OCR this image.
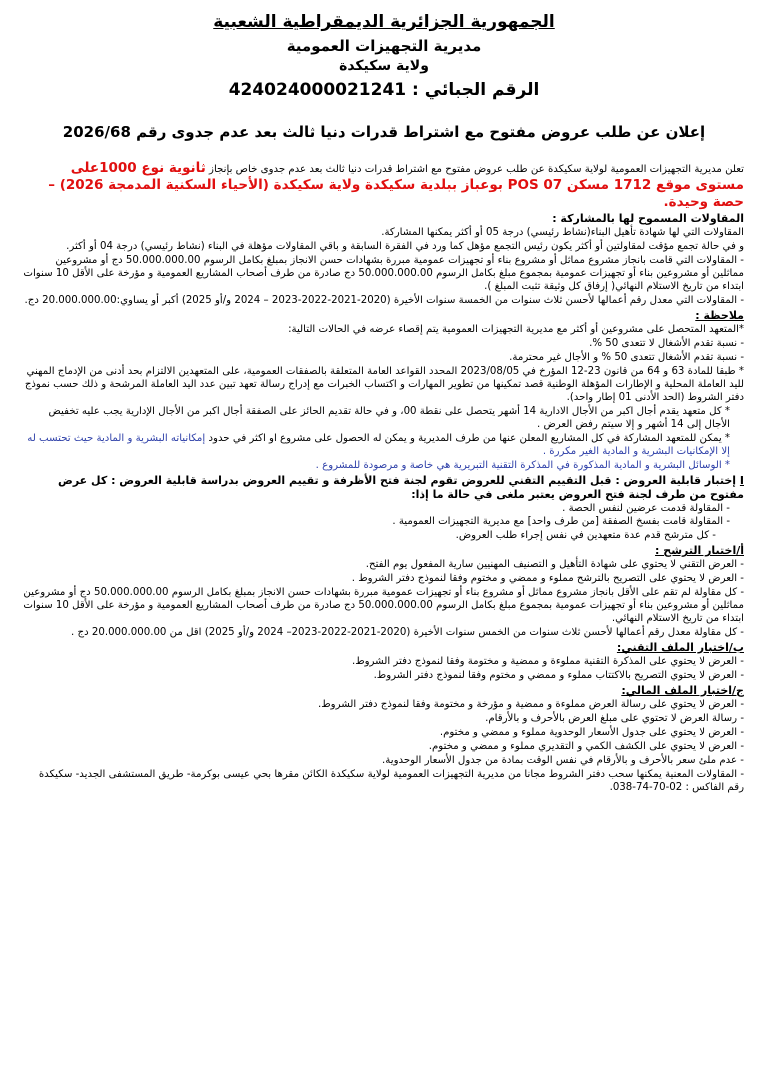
الجمهورية الجزائرية الديمقراطية الشعبية
مديرية التجهيزات العمومية
ولاية سكيكدة
الرقم الجبائي : 424024000021241
إعلان عن طلب عروض مفتوح مع اشتراط قدرات دنيا ثالث بعد عدم جدوى رقم 2026/68

تعلن مديرية التجهيزات العمومية لولاية سكيكدة عن طلب عروض مفتوح مع اشتراط قدرات دنيا ثالث بعد عدم جدوى خاص بإنجاز ثانوية نوع 1000على مستوى موقع 1712 مسكن POS 07 بوعباز ببلدية سكيكدة ولاية سكيكدة (الأحياء السكنية المدمجة 2026) – حصة وحيدة.

المقاولات المسموح لها بالمشاركة :

المقاولات التي لها شهادة تأهيل البناء(نشاط رئيسي) درجة 05 أو أكثر يمكنها المشاركة.

و في حالة تجمع مؤقت لمقاولتين أو أكثر يكون رئيس التجمع مؤهل كما ورد في الفقرة السابقة و باقي المقاولات مؤهلة في البناء (نشاط رئيسي) درجة 04 أو أكثر.

- المقاولات التي قامت بانجاز مشروع مماثل أو مشروع بناء أو تجهيزات عمومية مبررة بشهادات حسن الانجاز بمبلغ بكامل الرسوم 50.000.000.00 دج أو مشروعين مماثلين أو مشروعين بناء أو تجهيزات عمومية بمجموع مبلغ بكامل الرسوم 50.000.000.00 دج صادرة من طرف أصحاب المشاريع العمومية و مؤرخة على الأقل 10 سنوات ابتداء من تاريخ الاستلام النهائي( إرفاق كل وثيقة تثبت المبلغ ).

- المقاولات التي معدل رقم أعمالها لأحسن ثلاث سنوات من الخمسة سنوات الأخيرة (2020-2021-2022-2023 – 2024 و/أو 2025) أكبر أو يساوي:20.000.000.00 دج.

ملاحظة :

*المتعهد المتحصل على مشروعين أو أكثر مع مديرية التجهيزات العمومية يتم إقصاء عرضه في الحالات التالية:

- نسبة تقدم الأشغال لا تتعدى 50 %.

- نسبة تقدم الأشغال تتعدى 50 % و الأجال غير محترمة.

* طبقا للمادة 63 و 64 من قانون 23-12 المؤرخ في 2023/08/05 المحدد القواعد العامة المتعلقة بالصفقات العمومية، على المتعهدين الالتزام بحد أدنى من الإدماج المهني لليد العاملة المحلية و الإطارات المؤهلة الوطنية قصد تمكينها من تطوير المهارات و اكتساب الخبرات مع إدراج رسالة تعهد تبين عدد اليد العاملة المرشحة و ذلك حسب نموذج دفتر الشروط (الحد الأدنى 01 إطار واحد).

* كل متعهد يقدم أجال اكبر من الأجال الادارية 14 أشهر يتحصل على نقطة 00، و في حالة تقديم الحائز على الصفقة أجال اكبر من الأجال الإدارية يجب عليه تخفيض الأجال إلى 14 أشهر و إلا سيتم رفض العرض .

* يمكن للمتعهد المشاركة في كل المشاريع المعلن عنها من طرف المديرية و يمكن له الحصول على مشروع او اكثر في حدود إمكانياته البشرية و المادية حيث تحتسب له إلا الإمكانيات البشرية و المادية الغير مكررة .

* الوسائل البشرية و المادية المذكورة في المذكرة التقنية التبريرية هي خاصة و مرصودة للمشروع .

I إختبار قابلية العروض : قبل التقييم التقني للعروض تقوم لجنة فتح الأظرفة و تقييم العروض بدراسة قابلية العروض : كل عرض مفتوح من طرف لجنة فتح العروض يعتبر ملغى في حالة ما إذا:

- المقاولة قدمت عرضين لنفس الحصة .

- المقاولة قامت بفسخ الصفقة [من طرف واحد] مع مديرية التجهيزات العمومية .

- كل مترشح قدم عدة متعهدين في نفس إجراء طلب العروض.

أ/اختيار الترشح :

- العرض التقني لا يحتوي على شهادة التأهيل و التصنيف المهنيين سارية المفعول يوم الفتح.

- العرض لا يحتوي على التصريح بالترشح مملوء و ممضي و مختوم وفقا لنموذج دفتر الشروط .

- كل مقاولة لم تقم على الأقل بانجاز مشروع مماثل أو مشروع بناء أو تجهيزات عمومية مبررة بشهادات حسن الانجاز بمبلغ بكامل الرسوم 50.000.000.00 دج أو مشروعين مماثلين أو مشروعين بناء أو تجهيزات عمومية بمجموع مبلغ بكامل الرسوم 50.000.000.00 دج صادرة من طرف أصحاب المشاريع العمومية و مؤرخة على الأقل 10 سنوات ابتداء من تاريخ الاستلام النهائي.

- كل مقاولة معدل رقم أعمالها لأحسن ثلاث سنوات من الخمس سنوات الأخيرة (2020-2021-2022-2023– 2024 و/أو 2025) اقل من 20.000.000.00 دج .

ب/اختبار الملف التقني:

- العرض لا يحتوي على المذكرة التقنية مملوءة و ممضية و مختومة وفقا لنموذج دفتر الشروط.

- العرض لا يحتوي التصريح بالاكتتاب مملوء و ممضي و مختوم وفقا لنموذج دفتر الشروط.

ج/اختبار الملف المالي:

- العرض لا يحتوي على رسالة العرض مملوءة و ممضية و مؤرخة و مختومة وفقا لنموذج دفتر الشروط.

- رسالة العرض لا تحتوي على مبلغ العرض بالأحرف و بالأرقام.

- العرض لا يحتوي على جدول الأسعار الوحدوية مملوء و ممضي و مختوم.

- العرض لا يحتوي على الكشف الكمي و التقديري مملوء و ممضي و مختوم.

- عدم ملئ سعر بالأحرف و بالأرقام في نفس الوقت بمادة من جدول الأسعار الوحدوية.

- المقاولات المعنية يمكنها سحب دفتر الشروط مجانا من مديرية التجهيزات العمومية لولاية سكيكدة الكائن مقرها بحي عيسى بوكرمة- طريق المستشفى الجديد- سكيكدة رقم الفاكس : 02-70-74-038.
